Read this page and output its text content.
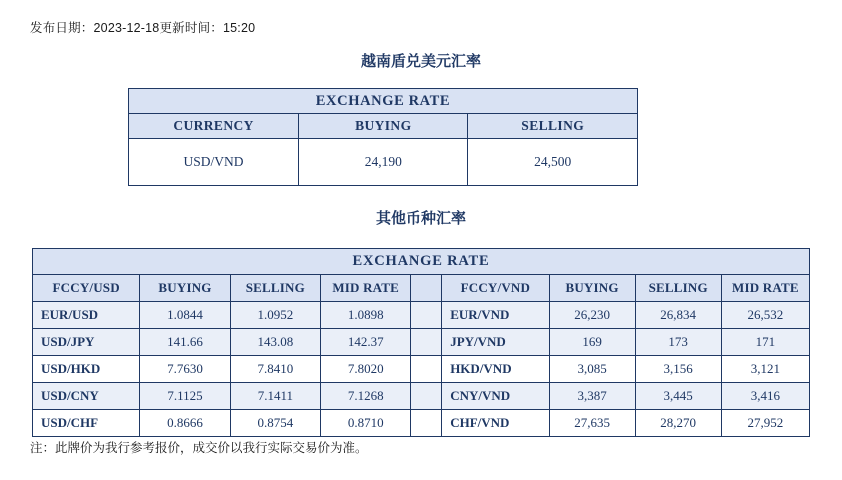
发布日期：2023-12-18更新时间：15:20
越南盾兑美元汇率
EXCHANGE RATE		
CURRENCY	BUYING	SELLING
USD/VND	24,190	24,500
其他币种汇率
EXCHANGE RATE								
FCCY/USD	BUYING	SELLING	MID RATE		FCCY/VND	BUYING	SELLING	MID RATE
EUR/USD	1.0844	1.0952	1.0898		EUR/VND	26,230	26,834	26,532
USD/JPY	141.66	143.08	142.37		JPY/VND	169	173	171
USD/HKD	7.7630	7.8410	7.8020		HKD/VND	3,085	3,156	3,121
USD/CNY	7.1125	7.1411	7.1268		CNY/VND	3,387	3,445	3,416
USD/CHF	0.8666	0.8754	0.8710		CHF/VND	27,635	28,270	27,952
注：此牌价为我行参考报价，成交价以我行实际交易价为准。
